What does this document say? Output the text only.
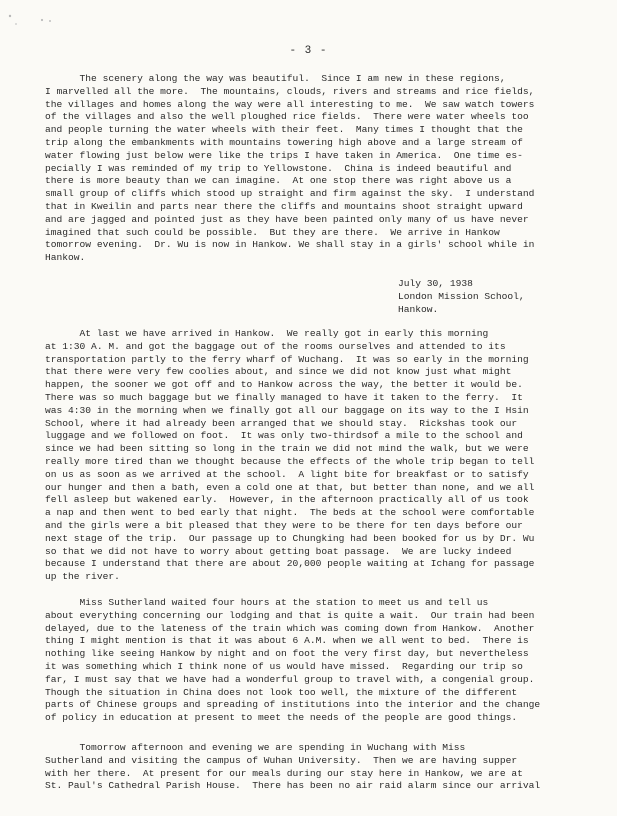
- 3 -

The scenery along the way was beautiful.  Since I am new in these regions,
I marvelled all the more.  The mountains, clouds, rivers and streams and rice fields,
the villages and homes along the way were all interesting to me.  We saw watch towers
of the villages and also the well ploughed rice fields.  There were water wheels too
and people turning the water wheels with their feet.  Many times I thought that the
trip along the embankments with mountains towering high above and a large stream of
water flowing just below were like the trips I have taken in America.  One time es-
pecially I was reminded of my trip to Yellowstone.  China is indeed beautiful and
there is more beauty than we can imagine.  At one stop there was right above us a
small group of cliffs which stood up straight and firm against the sky.  I understand
that in Kweilin and parts near there the cliffs and mountains shoot straight upward
and are jagged and pointed just as they have been painted only many of us have never
imagined that such could be possible.  But they are there.  We arrive in Hankow
tomorrow evening.  Dr. Wu is now in Hankow. We shall stay in a girls' school while in
Hankow.

July 30, 1938
London Mission School,
Hankow.

At last we have arrived in Hankow.  We really got in early this morning
at 1:30 A. M. and got the baggage out of the rooms ourselves and attended to its
transportation partly to the ferry wharf of Wuchang.  It was so early in the morning
that there were very few coolies about, and since we did not know just what might
happen, the sooner we got off and to Hankow across the way, the better it would be.
There was so much baggage but we finally managed to have it taken to the ferry.  It
was 4:30 in the morning when we finally got all our baggage on its way to the I Hsin
School, where it had already been arranged that we should stay.  Rickshas took our
luggage and we followed on foot.  It was only two-thirdsof a mile to the school and
since we had been sitting so long in the train we did not mind the walk, but we were
really more tired than we thought because the effects of the whole trip began to tell
on us as soon as we arrived at the school.  A light bite for breakfast or to satisfy
our hunger and then a bath, even a cold one at that, but better than none, and we all
fell asleep but wakened early.  However, in the afternoon practically all of us took
a nap and then went to bed early that night.  The beds at the school were comfortable
and the girls were a bit pleased that they were to be there for ten days before our
next stage of the trip.  Our passage up to Chungking had been booked for us by Dr. Wu
so that we did not have to worry about getting boat passage.  We are lucky indeed
because I understand that there are about 20,000 people waiting at Ichang for passage
up the river.

Miss Sutherland waited four hours at the station to meet us and tell us
about everything concerning our lodging and that is quite a wait.  Our train had been
delayed, due to the lateness of the train which was coming down from Hankow.  Another
thing I might mention is that it was about 6 A.M. when we all went to bed.  There is
nothing like seeing Hankow by night and on foot the very first day, but nevertheless
it was something which I think none of us would have missed.  Regarding our trip so
far, I must say that we have had a wonderful group to travel with, a congenial group.
Though the situation in China does not look too well, the mixture of the different
parts of Chinese groups and spreading of institutions into the interior and the change
of policy in education at present to meet the needs of the people are good things.

Tomorrow afternoon and evening we are spending in Wuchang with Miss
Sutherland and visiting the campus of Wuhan University.  Then we are having supper
with her there.  At present for our meals during our stay here in Hankow, we are at
St. Paul's Cathedral Parish House.  There has been no air raid alarm since our arrival
